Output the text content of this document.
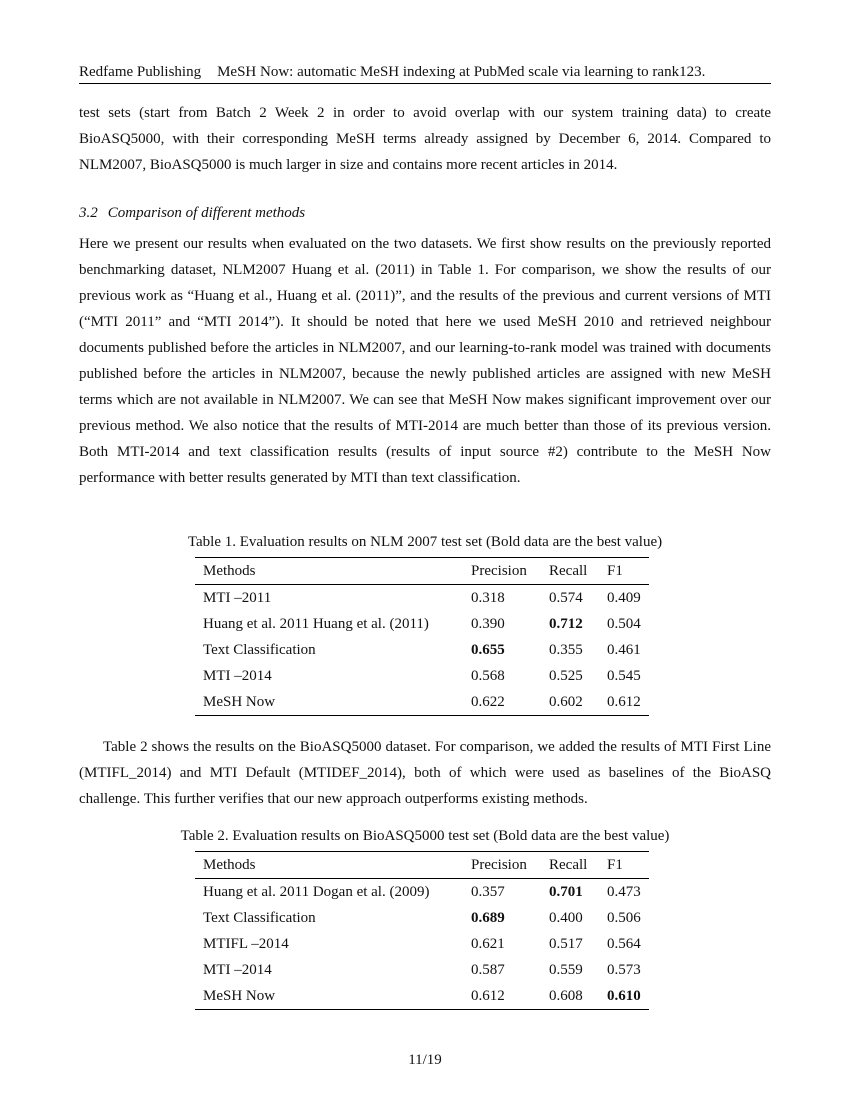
Redfame Publishing MeSH Now: automatic MeSH indexing at PubMed scale via learning to rank123.

test sets (start from Batch 2 Week 2 in order to avoid overlap with our system training data) to create BioASQ5000, with their corresponding MeSH terms already assigned by December 6, 2014. Compared to NLM2007, BioASQ5000 is much larger in size and contains more recent articles in 2014.

3.2 Comparison of different methods

Here we present our results when evaluated on the two datasets. We first show results on the previously reported benchmarking dataset, NLM2007 Huang et al. (2011) in Table 1. For comparison, we show the results of our previous work as “Huang et al., Huang et al. (2011)”, and the results of the previous and current versions of MTI (“MTI 2011” and “MTI 2014”). It should be noted that here we used MeSH 2010 and retrieved neighbour documents published before the articles in NLM2007, and our learning-to-rank model was trained with documents published before the articles in NLM2007, because the newly published articles are assigned with new MeSH terms which are not available in NLM2007. We can see that MeSH Now makes significant improvement over our previous method. We also notice that the results of MTI-2014 are much better than those of its previous version. Both MTI-2014 and text classification results (results of input source #2) contribute to the MeSH Now performance with better results generated by MTI than text classification.

Table 1. Evaluation results on NLM 2007 test set (Bold data are the best value)

Methods	Precision	Recall	F1
MTI –2011	0.318	0.574	0.409
Huang et al. 2011 Huang et al. (2011)	0.390	0.712	0.504
Text Classification	0.655	0.355	0.461
MTI –2014	0.568	0.525	0.545
MeSH Now	0.622	0.602	0.612

Table 2 shows the results on the BioASQ5000 dataset. For comparison, we added the results of MTI First Line (MTIFL_2014) and MTI Default (MTIDEF_2014), both of which were used as baselines of the BioASQ challenge. This further verifies that our new approach outperforms existing methods.

Table 2. Evaluation results on BioASQ5000 test set (Bold data are the best value)

Methods	Precision	Recall	F1
Huang et al. 2011 Dogan et al. (2009)	0.357	0.701	0.473
Text Classification	0.689	0.400	0.506
MTIFL –2014	0.621	0.517	0.564
MTI –2014	0.587	0.559	0.573
MeSH Now	0.612	0.608	0.610
11/19
